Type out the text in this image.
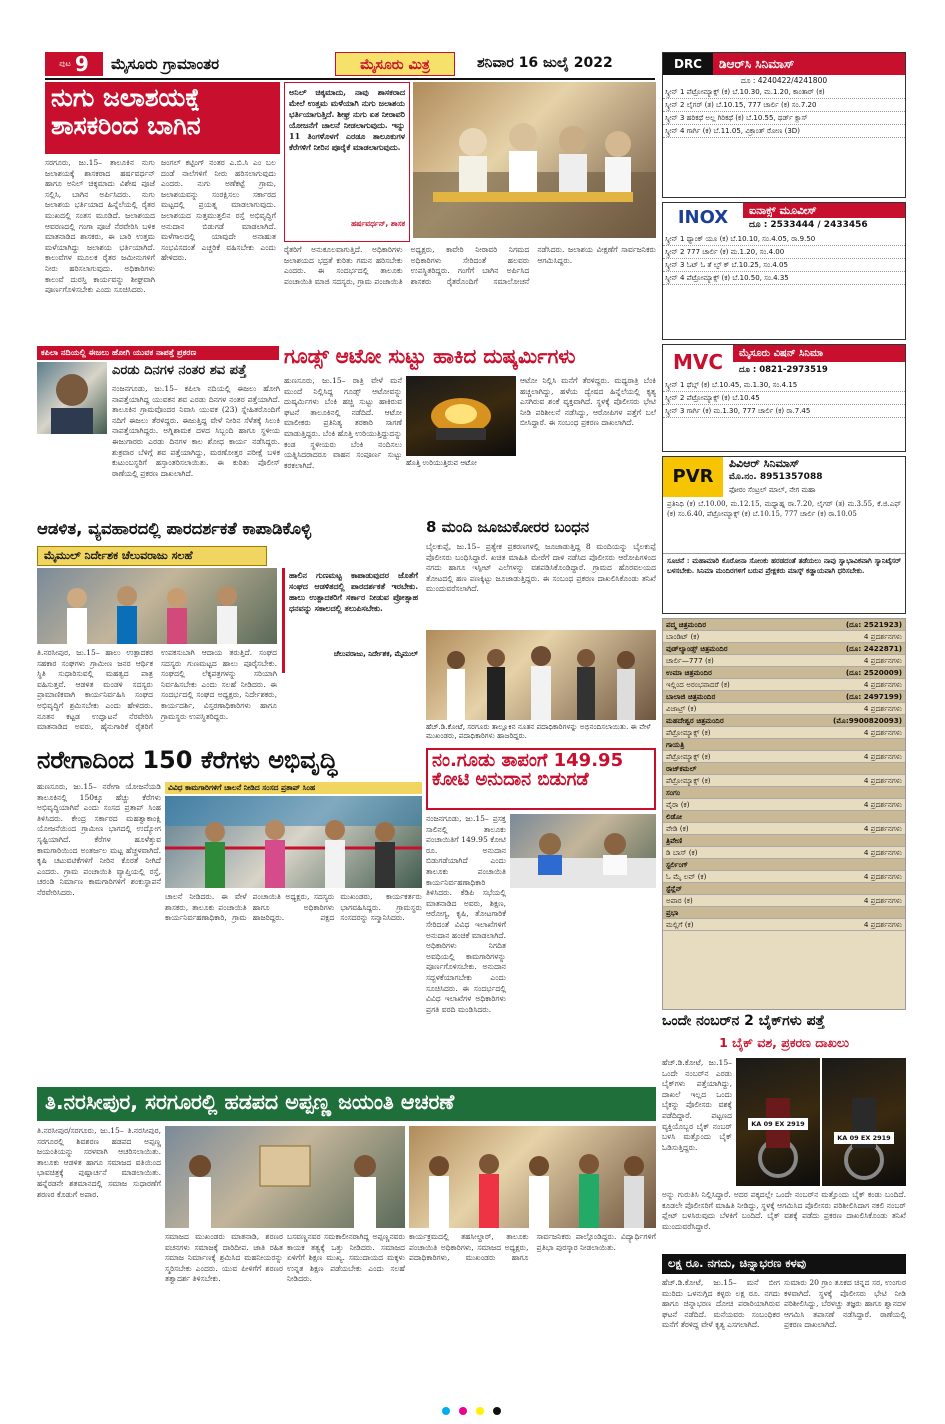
ಪುಟ 9 ಮೈಸೂರು ಗ್ರಾಮಾಂತರ	ಮೈಸೂರು ಮಿತ್ರ	ಶನಿವಾರ 16 ಜುಲೈ 2022
ನುಗು ಜಲಾಶಯಕ್ಕೆ
ಶಾಸಕರಿಂದ ಬಾಗಿನ
ಸರಗೂರು, ಜು.15– ತಾಲೂಕಿನ ನುಗು ಜಲಾಶಯಕ್ಕೆ ಶಾಸಕರಾದ ಹರ್ಷವರ್ಧನ್ ಹಾಗೂ ಅನಿಲ್ ಚಿಕ್ಕಮಾದು ವಿಶೇಷ ಪೂಜೆ ಸಲ್ಲಿಸಿ, ಬಾಗಿನ ಅರ್ಪಿಸಿದರು. ನುಗು ಜಲಾಶಯ ಭರ್ತಿಯಾದ ಹಿನ್ನೆಲೆಯಲ್ಲಿ ರೈತರ ಮುಖದಲ್ಲಿ ಸಂತಸ ಮೂಡಿದೆ. ಜಲಾಶಯದ ಆವರಣದಲ್ಲಿ ಗಂಗಾ ಪೂಜೆ ನೆರವೇರಿಸಿ ಬಳಿಕ ಮಾತನಾಡಿದ ಶಾಸಕರು, ಈ ಬಾರಿ ಉತ್ತಮ ಮಳೆಯಾಗಿದ್ದು ಜಲಾಶಯ ಭರ್ತಿಯಾಗಿದೆ. ಕಾಲುವೆಗಳ ಮೂಲಕ ರೈತರ ಜಮೀನುಗಳಿಗೆ ನೀರು ಹರಿಸಲಾಗುವುದು. ಅಧಿಕಾರಿಗಳು ಕಾಲುವೆ ದುರಸ್ತಿ ಕಾರ್ಯವನ್ನು ಶೀಘ್ರವಾಗಿ ಪೂರ್ಣಗೊಳಿಸಬೇಕು ಎಂದು ಸೂಚಿಸಿದರು.
ಜಂಗಲ್ ಕಟ್ಟಿಂಗ್ ನಂತರ ಎ.ಬಿ.ಸಿ ಎಂ ಬಲ ದಂಡೆ ನಾಲೆಗಳಿಗೆ ನೀರು ಹರಿಸಲಾಗುವುದು ಎಂದರು. ನುಗು ಅಣೆಕಟ್ಟೆ ಗ್ರಾಮ, ಜಲಾಶಯವನ್ನು ಸಂರಕ್ಷಿಸಲು ಸರ್ಕಾರದ ಮಟ್ಟದಲ್ಲಿ ಪ್ರಯತ್ನ ಮಾಡಲಾಗುವುದು. ಜಲಾಶಯದ ಸುತ್ತಮುತ್ತಲಿನ ರಸ್ತೆ ಅಭಿವೃದ್ಧಿಗೆ ಅನುದಾನ ಬಿಡುಗಡೆ ಮಾಡಲಾಗಿದೆ. ಮಳೆಗಾಲದಲ್ಲಿ ಯಾವುದೇ ಅನಾಹುತ ಸಂಭವಿಸದಂತೆ ಎಚ್ಚರಿಕೆ ವಹಿಸಬೇಕು ಎಂದು ಹೇಳಿದರು.
ಅನಿಲ್ ಚಿಕ್ಕಮಾದು, ನಾವು ಶಾಸಕರಾದ ಮೇಲೆ ಉತ್ತಮ ಮಳೆಯಾಗಿ ನುಗು ಜಲಾಶಯ ಭರ್ತಿಯಾಗುತ್ತಿದೆ. ಶೀಘ್ರ ನುಗು ಏತ ನೀರಾವರಿ ಯೋಜನೆಗೆ ಚಾಲನೆ ನೀಡಲಾಗುವುದು. ಇನ್ನು 11 ತಿಂಗಳೊಳಗೆ ಎರಡೂ ತಾಲೂಕುಗಳ ಕೆರೆಗಳಿಗೆ ನೀರಿನ ಪೂರೈಕೆ ಮಾಡಲಾಗುವುದು.
ಹರ್ಷವರ್ಧನ್, ಶಾಸಕ
ರೈತರಿಗೆ ಅನುಕೂಲವಾಗುತ್ತಿದೆ. ಅಧಿಕಾರಿಗಳು ಜಲಾಶಯದ ಭದ್ರತೆ ಕುರಿತು ಗಮನ ಹರಿಸಬೇಕು ಎಂದರು. ಈ ಸಂದರ್ಭದಲ್ಲಿ ತಾಲೂಕು ಪಂಚಾಯಿತಿ ಮಾಜಿ ಸದಸ್ಯರು, ಗ್ರಾಮ ಪಂಚಾಯಿತಿ ಅಧ್ಯಕ್ಷರು, ಕಾವೇರಿ ನೀರಾವರಿ ನಿಗಮದ ಅಧಿಕಾರಿಗಳು ಸೇರಿದಂತೆ ಹಲವರು ಉಪಸ್ಥಿತರಿದ್ದರು. ಗಂಗೆಗೆ ಬಾಗಿನ ಅರ್ಪಿಸಿದ ಶಾಸಕರು ರೈತರೊಂದಿಗೆ ಸಮಾಲೋಚನೆ ನಡೆಸಿದರು. ಜಲಾಶಯ ವೀಕ್ಷಣೆಗೆ ಸಾರ್ವಜನಿಕರು ಆಗಮಿಸಿದ್ದರು.
ಕಪಿಲಾ ನದಿಯಲ್ಲಿ ಈಜಲು ಹೋಗಿ ಯುವಕ ನಾಪತ್ತೆ ಪ್ರಕರಣ
ಎರಡು ದಿನಗಳ ನಂತರ ಶವ ಪತ್ತೆ
ನಂಜನಗೂಡು, ಜು.15– ಕಪಿಲಾ ನದಿಯಲ್ಲಿ ಈಜಲು ಹೋಗಿ ನಾಪತ್ತೆಯಾಗಿದ್ದ ಯುವಕನ ಶವ ಎರಡು ದಿನಗಳ ನಂತರ ಪತ್ತೆಯಾಗಿದೆ. ತಾಲೂಕಿನ ಗ್ರಾಮವೊಂದರ ನಿವಾಸಿ ಯುವಕ (23) ಸ್ನೇಹಿತರೊಂದಿಗೆ ನದಿಗೆ ಈಜಲು ತೆರಳಿದ್ದರು. ಈಜುತ್ತಿದ್ದ ವೇಳೆ ನೀರಿನ ಸೆಳೆತಕ್ಕೆ ಸಿಲುಕಿ ನಾಪತ್ತೆಯಾಗಿದ್ದರು. ಅಗ್ನಿಶಾಮಕ ದಳದ ಸಿಬ್ಬಂದಿ ಹಾಗೂ ಸ್ಥಳೀಯ ಈಜುಗಾರರು ಎರಡು ದಿನಗಳ ಕಾಲ ಶೋಧ ಕಾರ್ಯ ನಡೆಸಿದ್ದರು. ಶುಕ್ರವಾರ ಬೆಳಿಗ್ಗೆ ಶವ ಪತ್ತೆಯಾಗಿದ್ದು, ಮರಣೋತ್ತರ ಪರೀಕ್ಷೆ ಬಳಿಕ ಕುಟುಂಬಸ್ಥರಿಗೆ ಹಸ್ತಾಂತರಿಸಲಾಯಿತು. ಈ ಕುರಿತು ಪೊಲೀಸ್ ಠಾಣೆಯಲ್ಲಿ ಪ್ರಕರಣ ದಾಖಲಾಗಿದೆ.
ಗೂಡ್ಸ್ ಆಟೋ ಸುಟ್ಟು ಹಾಕಿದ ದುಷ್ಕರ್ಮಿಗಳು
ಹುಣಸೂರು, ಜು.15– ರಾತ್ರಿ ವೇಳೆ ಮನೆ ಮುಂದೆ ನಿಲ್ಲಿಸಿದ್ದ ಗೂಡ್ಸ್ ಆಟೋವನ್ನು ದುಷ್ಕರ್ಮಿಗಳು ಬೆಂಕಿ ಹಚ್ಚಿ ಸುಟ್ಟು ಹಾಕಿರುವ ಘಟನೆ ತಾಲೂಕಿನಲ್ಲಿ ನಡೆದಿದೆ. ಆಟೋ ಮಾಲೀಕರು ಪ್ರತಿನಿತ್ಯ ತರಕಾರಿ ಸಾಗಣೆ ಮಾಡುತ್ತಿದ್ದರು. ಬೆಂಕಿ ಹೊತ್ತಿ ಉರಿಯುತ್ತಿದ್ದುದನ್ನು ಕಂಡ ಸ್ಥಳೀಯರು ಬೆಂಕಿ ನಂದಿಸಲು ಯತ್ನಿಸಿದರಾದರೂ ವಾಹನ ಸಂಪೂರ್ಣ ಸುಟ್ಟು ಕರಕಲಾಗಿದೆ.	ಹೊತ್ತಿ ಉರಿಯುತ್ತಿರುವ ಆಟೋ
ಆಟೋ ನಿಲ್ಲಿಸಿ ಮನೆಗೆ ತೆರಳಿದ್ದರು. ಮಧ್ಯರಾತ್ರಿ ಬೆಂಕಿ ಹಚ್ಚಲಾಗಿದ್ದು, ಹಳೆಯ ದ್ವೇಷದ ಹಿನ್ನೆಲೆಯಲ್ಲಿ ಕೃತ್ಯ ಎಸಗಿರುವ ಶಂಕೆ ವ್ಯಕ್ತವಾಗಿದೆ. ಸ್ಥಳಕ್ಕೆ ಪೊಲೀಸರು ಭೇಟಿ ನೀಡಿ ಪರಿಶೀಲನೆ ನಡೆಸಿದ್ದು, ಆರೋಪಿಗಳ ಪತ್ತೆಗೆ ಬಲೆ ಬೀಸಿದ್ದಾರೆ. ಈ ಸಂಬಂಧ ಪ್ರಕರಣ ದಾಖಲಾಗಿದೆ.
ಆಡಳಿತ, ವ್ಯವಹಾರದಲ್ಲಿ ಪಾರದರ್ಶಕತೆ ಕಾಪಾಡಿಕೊಳ್ಳಿ
ಮೈಮುಲ್ ನಿರ್ದೇಶಕ ಚೆಲುವರಾಜು ಸಲಹೆ
ತಿ.ನರಸೀಪುರ, ಜು.15– ಹಾಲು ಉತ್ಪಾದಕರ ಸಹಕಾರ ಸಂಘಗಳು ಗ್ರಾಮೀಣ ಜನರ ಆರ್ಥಿಕ ಸ್ಥಿತಿ ಸುಧಾರಿಸುವಲ್ಲಿ ಮಹತ್ವದ ಪಾತ್ರ ವಹಿಸುತ್ತವೆ. ಆಡಳಿತ ಮಂಡಳಿ ಸದಸ್ಯರು ಪ್ರಾಮಾಣಿಕವಾಗಿ ಕಾರ್ಯನಿರ್ವಹಿಸಿ ಸಂಘದ ಅಭಿವೃದ್ಧಿಗೆ ಶ್ರಮಿಸಬೇಕು ಎಂದು ಹೇಳಿದರು. ನೂತನ ಕಟ್ಟಡ ಉದ್ಘಾಟನೆ ನೆರವೇರಿಸಿ ಮಾತನಾಡಿದ ಅವರು, ಹೈನುಗಾರಿಕೆ ರೈತರಿಗೆ ಉಪಕಸುಬಾಗಿ ಆದಾಯ ತರುತ್ತಿದೆ. ಸಂಘದ ಸದಸ್ಯರು ಗುಣಮಟ್ಟದ ಹಾಲು ಪೂರೈಸಬೇಕು. ಸಂಘದಲ್ಲಿ ಲೆಕ್ಕಪತ್ರಗಳನ್ನು ಸರಿಯಾಗಿ ನಿರ್ವಹಿಸಬೇಕು ಎಂದು ಸಲಹೆ ನೀಡಿದರು. ಈ ಸಂದರ್ಭದಲ್ಲಿ ಸಂಘದ ಅಧ್ಯಕ್ಷರು, ನಿರ್ದೇಶಕರು, ಕಾರ್ಯದರ್ಶಿ, ವಿಸ್ತರಣಾಧಿಕಾರಿಗಳು ಹಾಗೂ ಗ್ರಾಮಸ್ಥರು ಉಪಸ್ಥಿತರಿದ್ದರು.
ಹಾಲಿನ ಗುಣಮಟ್ಟ ಕಾಪಾಡುವುದರ ಜೊತೆಗೆ ಸಂಘದ ಆಡಳಿತದಲ್ಲಿ ಪಾರದರ್ಶಕತೆ ಇರಬೇಕು. ಹಾಲು ಉತ್ಪಾದಕರಿಗೆ ಸರ್ಕಾರ ನೀಡುವ ಪ್ರೋತ್ಸಾಹ ಧನವನ್ನು ಸಕಾಲದಲ್ಲಿ ತಲುಪಿಸಬೇಕು.
ಚೆಲುವರಾಜು, ನಿರ್ದೇಶಕ, ಮೈಮುಲ್
8 ಮಂದಿ ಜೂಜುಕೋರರ ಬಂಧನ
ಬೈಲಕುಪ್ಪೆ, ಜು.15– ಪ್ರತ್ಯೇಕ ಪ್ರಕರಣಗಳಲ್ಲಿ ಜೂಜಾಡುತ್ತಿದ್ದ 8 ಮಂದಿಯನ್ನು ಬೈಲಕುಪ್ಪೆ ಪೊಲೀಸರು ಬಂಧಿಸಿದ್ದಾರೆ. ಖಚಿತ ಮಾಹಿತಿ ಮೇರೆಗೆ ದಾಳಿ ನಡೆಸಿದ ಪೊಲೀಸರು ಆರೋಪಿಗಳಿಂದ ನಗದು ಹಾಗೂ ಇಸ್ಪೀಟ್ ಎಲೆಗಳನ್ನು ವಶಪಡಿಸಿಕೊಂಡಿದ್ದಾರೆ. ಗ್ರಾಮದ ಹೊರವಲಯದ ತೋಟದಲ್ಲಿ ಹಣ ಪಣಕ್ಕಿಟ್ಟು ಜೂಜಾಡುತ್ತಿದ್ದರು. ಈ ಸಂಬಂಧ ಪ್ರಕರಣ ದಾಖಲಿಸಿಕೊಂಡು ತನಿಖೆ ಮುಂದುವರೆಸಲಾಗಿದೆ.
ಹೆಚ್.ಡಿ.ಕೋಟೆ, ಸರಗೂರು ತಾಲ್ಲೂಕಿನ ನೂತನ ಪದಾಧಿಕಾರಿಗಳನ್ನು ಅಭಿನಂದಿಸಲಾಯಿತು. ಈ ವೇಳೆ ಮುಖಂಡರು, ಪದಾಧಿಕಾರಿಗಳು ಹಾಜರಿದ್ದರು.
ನರೇಗಾದಿಂದ 150 ಕೆರೆಗಳು ಅಭಿವೃದ್ಧಿ
ವಿವಿಧ ಕಾಮಗಾರಿಗಳಿಗೆ ಚಾಲನೆ ನೀಡಿದ ಸಂಸದ ಪ್ರತಾಪ್ ಸಿಂಹ
ಹುಣಸೂರು, ಜು.15– ನರೇಗಾ ಯೋಜನೆಯಡಿ ತಾಲೂಕಿನಲ್ಲಿ 150ಕ್ಕೂ ಹೆಚ್ಚು ಕೆರೆಗಳು ಅಭಿವೃದ್ಧಿಯಾಗಿವೆ ಎಂದು ಸಂಸದ ಪ್ರತಾಪ್ ಸಿಂಹ ತಿಳಿಸಿದರು. ಕೇಂದ್ರ ಸರ್ಕಾರದ ಮಹತ್ವಾಕಾಂಕ್ಷಿ ಯೋಜನೆಯಿಂದ ಗ್ರಾಮೀಣ ಭಾಗದಲ್ಲಿ ಉದ್ಯೋಗ ಸೃಷ್ಟಿಯಾಗಿದೆ. ಕೆರೆಗಳ ಹೂಳೆತ್ತುವ ಕಾಮಗಾರಿಯಿಂದ ಅಂತರ್ಜಲ ಮಟ್ಟ ಹೆಚ್ಚಳವಾಗಿದೆ. ಕೃಷಿ ಚಟುವಟಿಕೆಗಳಿಗೆ ನೀರಿನ ಕೊರತೆ ನೀಗಿದೆ ಎಂದರು. ಗ್ರಾಮ ಪಂಚಾಯಿತಿ ವ್ಯಾಪ್ತಿಯಲ್ಲಿ ರಸ್ತೆ, ಚರಂಡಿ ನಿರ್ಮಾಣ ಕಾಮಗಾರಿಗಳಿಗೆ ಶಂಕುಸ್ಥಾಪನೆ ನೆರವೇರಿಸಿದರು.	ಚಾಲನೆ ನೀಡಿದರು. ಈ ವೇಳೆ ಶಾಸಕರು, ತಾಲೂಕು ಪಂಚಾಯಿತಿ ಕಾರ್ಯನಿರ್ವಹಣಾಧಿಕಾರಿ, ಗ್ರಾಮ ಪಂಚಾಯಿತಿ ಅಧ್ಯಕ್ಷರು, ಸದಸ್ಯರು ಹಾಗೂ ಅಧಿಕಾರಿಗಳು ಹಾಜರಿದ್ದರು. ಪಕ್ಷದ ಮುಖಂಡರು, ಕಾರ್ಯಕರ್ತರು ಭಾಗವಹಿಸಿದ್ದರು. ಗ್ರಾಮಸ್ಥರು ಸಂಸದರನ್ನು ಸನ್ಮಾನಿಸಿದರು.
ನಂ.ಗೂಡು ತಾಪಂಗೆ 149.95
ಕೋಟಿ ಅನುದಾನ ಬಿಡುಗಡೆ
ನಂಜನಗೂಡು, ಜು.15– ಪ್ರಸಕ್ತ ಸಾಲಿನಲ್ಲಿ ತಾಲೂಕು ಪಂಚಾಯಿತಿಗೆ 149.95 ಕೋಟಿ ರೂ. ಅನುದಾನ ಬಿಡುಗಡೆಯಾಗಿದೆ ಎಂದು ತಾಲೂಕು ಪಂಚಾಯಿತಿ ಕಾರ್ಯನಿರ್ವಹಣಾಧಿಕಾರಿ ತಿಳಿಸಿದರು. ಕೆಡಿಪಿ ಸಭೆಯಲ್ಲಿ ಮಾತನಾಡಿದ ಅವರು, ಶಿಕ್ಷಣ, ಆರೋಗ್ಯ, ಕೃಷಿ, ತೋಟಗಾರಿಕೆ ಸೇರಿದಂತೆ ವಿವಿಧ ಇಲಾಖೆಗಳಿಗೆ ಅನುದಾನ ಹಂಚಿಕೆ ಮಾಡಲಾಗಿದೆ. ಅಧಿಕಾರಿಗಳು ನಿಗದಿತ ಅವಧಿಯಲ್ಲಿ ಕಾಮಗಾರಿಗಳನ್ನು ಪೂರ್ಣಗೊಳಿಸಬೇಕು. ಅನುದಾನ ಸದ್ಬಳಕೆಯಾಗಬೇಕು ಎಂದು ಸೂಚಿಸಿದರು. ಈ ಸಂದರ್ಭದಲ್ಲಿ ವಿವಿಧ ಇಲಾಖೆಗಳ ಅಧಿಕಾರಿಗಳು ಪ್ರಗತಿ ವರದಿ ಮಂಡಿಸಿದರು.
ತಿ.ನರಸೀಪುರ, ಸರಗೂರಲ್ಲಿ ಹಡಪದ ಅಪ್ಪಣ್ಣ ಜಯಂತಿ ಆಚರಣೆ
ತಿ.ನರಸೀಪುರ/ಸರಗೂರು, ಜು.15– ತಿ.ನರಸೀಪುರ, ಸರಗೂರಲ್ಲಿ ಶಿವಶರಣ ಹಡಪದ ಅಪ್ಪಣ್ಣ ಜಯಂತಿಯನ್ನು ಸರಳವಾಗಿ ಆಚರಿಸಲಾಯಿತು. ತಾಲೂಕು ಆಡಳಿತ ಹಾಗೂ ಸಮಾಜದ ವತಿಯಿಂದ ಭಾವಚಿತ್ರಕ್ಕೆ ಪುಷ್ಪಾರ್ಚನೆ ಮಾಡಲಾಯಿತು. ಹನ್ನೆರಡನೇ ಶತಮಾನದಲ್ಲಿ ಸಮಾಜ ಸುಧಾರಣೆಗೆ ಶರಣರ ಕೊಡುಗೆ ಅಪಾರ.
ಸಮಾಜದ ಮುಖಂಡರು ಮಾತನಾಡಿ, ಶರಣರ ವಚನಗಳು ಸಮಾಜಕ್ಕೆ ದಾರಿದೀಪ. ಜಾತಿ ರಹಿತ ಸಮಾಜ ನಿರ್ಮಾಣಕ್ಕೆ ಶ್ರಮಿಸಿದ ಮಹನೀಯರನ್ನು ಸ್ಮರಿಸಬೇಕು ಎಂದರು. ಯುವ ಪೀಳಿಗೆಗೆ ಶರಣರ ತತ್ವಾದರ್ಶ ತಿಳಿಸಬೇಕು.
ಬಸವಣ್ಣನವರ ಸಮಕಾಲೀನರಾಗಿದ್ದ ಅಪ್ಪಣ್ಣನವರು ಕಾಯಕ ತತ್ವಕ್ಕೆ ಒತ್ತು ನೀಡಿದರು. ಸಮಾಜದ ಏಳಿಗೆಗೆ ಶಿಕ್ಷಣ ಮುಖ್ಯ. ಸಮುದಾಯದ ಮಕ್ಕಳು ಉನ್ನತ ಶಿಕ್ಷಣ ಪಡೆಯಬೇಕು ಎಂದು ಸಲಹೆ ನೀಡಿದರು.
ಕಾರ್ಯಕ್ರಮದಲ್ಲಿ ತಹಸೀಲ್ದಾರ್, ತಾಲೂಕು ಪಂಚಾಯಿತಿ ಅಧಿಕಾರಿಗಳು, ಸಮಾಜದ ಅಧ್ಯಕ್ಷರು, ಪದಾಧಿಕಾರಿಗಳು, ಮುಖಂಡರು ಹಾಗೂ ಸಾರ್ವಜನಿಕರು ಪಾಲ್ಗೊಂಡಿದ್ದರು. ವಿದ್ಯಾರ್ಥಿಗಳಿಗೆ ಪ್ರತಿಭಾ ಪುರಸ್ಕಾರ ನೀಡಲಾಯಿತು.
DRC	ಡಿಆರ್‌ಸಿ ಸಿನಿಮಾಸ್
ದೂ : 4240422/4241800
ಸ್ಕ್ರೀನ್ 1 ಪೆಟ್ರೋಮ್ಯಾಕ್ಸ್ (ಕ) ಬೆ.10.30, ಮ.1.20, ಕಾಂತಾರ್ (ಕ)
ಸ್ಕ್ರೀನ್ 2 ಲೈಗರ್ (ತ) ಬೆ.10.15, 777 ಚಾರ್ಲಿ (ಕ) ಸಂ.7.20
ಸ್ಕ್ರೀನ್ 3 ಹರಿಕಥೆ ಅಲ್ಲ ಗಿರಿಕಥೆ (ಕ) ಬೆ.10.55, ಥರ್ಡ್ ಕ್ಲಾಸ್
ಸ್ಕ್ರೀನ್ 4 ಗಾರ್ಗಿ (ಕ) ಬೆ.11.05, ವಿಕ್ರಾಂತ್ ರೋಣ (3D)
INOX	ಐನಾಕ್ಸ್ ಮೂವೀಸ್
ದೂ : 2533444 / 2433456
ಸ್ಕ್ರೀನ್ 1 ಥ್ಯಾಂಕ್ ಯೂ (ಕ) ಬೆ.10.10, ಸಂ.4.05, ರಾ.9.50
ಸ್ಕ್ರೀನ್ 2 777 ಚಾರ್ಲಿ (ಕ) ಮ.1.20, ಸಂ.4.00
ಸ್ಕ್ರೀನ್ 3 ಓಟ್ ಓ ತೆ ಲ್ವ್ ಕ್ ಬೆ.10.25, ಸಂ.4.05
ಸ್ಕ್ರೀನ್ 4 ಪೆಟ್ರೋಮ್ಯಾಕ್ಸ್ (ಕ) ಬೆ.10.50, ಸಂ.4.35
MVC	ಮೈಸೂರು ವಿಷನ್ ಸಿನಿಮಾ
ದೂ : 0821-2973519
ಸ್ಕ್ರೀನ್ 1 ಥೆಬ್ಗ್ (ಕ) ಬೆ.10.45, ಮ.1.30, ಸಂ.4.15
ಸ್ಕ್ರೀನ್ 2 ಪೆಟ್ರೋಮ್ಯಾಕ್ಸ್ (ಕ) ಬೆ.10.45
ಸ್ಕ್ರೀನ್ 3 ಗಾರ್ಗಿ (ಕ) ಮ.1.30, 777 ಚಾರ್ಲಿ (ಕ) ರಾ.7.45
PVR
ಪಿವಿಆರ್ ಸಿನಿಮಾಸ್
ಮೊ.ನಂ. 8951357088
ಫೋರಂ ಸೆಂಟ್ರಲ್ ಮಾಲ್, ನೇಗ ಮಹಾ
ಪ್ರತಿನಿಧಿ (ಕ) ಬೆ.10.00, ಮ.12.15, ಮಧ್ಯಾಹ್ನ ರಾ.7.20, ಲೈಗರ್ (ತ) ಮ.3.55, ಕೆ.ಜಿ.ಎಫ್ (ಕ) ಸಂ.6.40, ಪೆಟ್ರೋಮ್ಯಾಕ್ಸ್ (ಕ) ಬೆ.10.15, 777 ಚಾರ್ಲಿ (ಕ) ರಾ.10.05
ಸೂಚನೆ : ಮಹಾಮಾರಿ ಕೊರೋನಾ ಸೋಂಕು ಹರಡದಂತೆ ತಡೆಯಲು ನಾವು ಸ್ವಾಭಾವಿಕವಾಗಿ ಸ್ಯಾನಿಟೈಸರ್ ಬಳಸಬೇಕು. ಸಿನಿಮಾ ಮಂದಿರಗಳಿಗೆ ಬರುವ ಪ್ರೇಕ್ಷಕರು ಮಾಸ್ಕ್ ಕಡ್ಡಾಯವಾಗಿ ಧರಿಸಬೇಕು.
ಪದ್ಮ ಚಿತ್ರಮಂದಿರ	(ದೂ: 2521923)
ಬಾಂಡಿಟ್ (ಕ)	4 ಪ್ರದರ್ಶನಗಳು
ವುಡ್‌ಲ್ಯಾಂಡ್ಸ್ ಚಿತ್ರಮಂದಿರ	(ದೂ: 2422871)
ಚಾರ್ಲಿ—777 (ಕ)	4 ಪ್ರದರ್ಶನಗಳು
ಉಮಾ ಚಿತ್ರಮಂದಿರ	(ದೂ: 2520009)
ಇಲ್ಲಿಂದ ಅರಂಭವಾದರೆ (ಕ)	4 ಪ್ರದರ್ಶನಗಳು
ಬಾಲಾಜಿ ಚಿತ್ರಮಂದಿರ	(ದೂ: 2497199)
ವಿಜಾಟ್ರ್ (ಕ)	4 ಪ್ರದರ್ಶನಗಳು
ಮಹದೇಶ್ವರ ಚಿತ್ರಮಂದಿರ	(ಮೊ:9900820093)
ಪೆಟ್ರೋಮ್ಯಾಕ್ಸ್ (ಕ)	4 ಪ್ರದರ್ಶನಗಳು
ಗಾಯತ್ರಿ
ಪೆಟ್ರೋಮ್ಯಾಕ್ಸ್ (ಕ)	4 ಪ್ರದರ್ಶನಗಳು
ರಾಜ್‌ಕಮಲ್
ಪೆಟ್ರೋಮ್ಯಾಕ್ಸ್ (ಕ)	4 ಪ್ರದರ್ಶನಗಳು
ಸಂಗಂ
ವೈರಾ (ಕ)	4 ಪ್ರದರ್ಶನಗಳು
ಲಿಡೋ
ವೇಡಿ (ಕ)	4 ಪ್ರದರ್ಶನಗಳು
ತ್ರಿವೇಣಿ
ಡಿ ಬಾಸ್ (ಕ)	4 ಪ್ರದರ್ಶನಗಳು
ಸ್ಟರ್ಲಿಂಗ್
ಓ ಮೈ ಲವ್ (ಕ)	4 ಪ್ರದರ್ಶನಗಳು
ಸ್ಟೆನ್ಲೆನ್
ಅಪಾರ (ಕ)	4 ಪ್ರದರ್ಶನಗಳು
ಪ್ರಭಾ
ಮಲ್ಲಿಗೆ (ಕ)	4 ಪ್ರದರ್ಶನಗಳು
ಒಂದೇ ನಂಬರ್‌ನ 2 ಬೈಕ್‌ಗಳು ಪತ್ತೆ
1 ಬೈಕ್ ವಶ, ಪ್ರಕರಣ ದಾಖಲು
ಹೆಚ್.ಡಿ.ಕೋಟೆ, ಜು.15– ಒಂದೇ ನಂಬರ್‌ನ ಎರಡು ಬೈಕ್‌ಗಳು ಪತ್ತೆಯಾಗಿದ್ದು, ದಾಖಲೆ ಇಲ್ಲದ ಒಂದು ಬೈಕನ್ನು ಪೊಲೀಸರು ವಶಕ್ಕೆ ಪಡೆದಿದ್ದಾರೆ. ಪಟ್ಟಣದ ವ್ಯಕ್ತಿಯೊಬ್ಬರ ಬೈಕ್ ನಂಬರ್ ಬಳಸಿ ಮತ್ತೊಂದು ಬೈಕ್ ಓಡಿಸುತ್ತಿದ್ದರು.
KA 09 EX 2919
KA 09 EX 2919
ಅನ್ನು ಗುರುತಿಸಿ ನಿಲ್ಲಿಸಿದ್ದಾರೆ. ಅದರ ಪಕ್ಕದಲ್ಲೇ ಒಂದೇ ನಂಬರ್‌ನ ಮತ್ತೊಂದು ಬೈಕ್ ಕಂಡು ಬಂದಿದೆ. ಕೂಡಲೇ ಪೊಲೀಸರಿಗೆ ಮಾಹಿತಿ ನೀಡಿದ್ದು, ಸ್ಥಳಕ್ಕೆ ಆಗಮಿಸಿದ ಪೊಲೀಸರು ಪರಿಶೀಲಿಸಿದಾಗ ನಕಲಿ ನಂಬರ್ ಪ್ಲೇಟ್ ಬಳಸಿರುವುದು ಬೆಳಕಿಗೆ ಬಂದಿದೆ. ಬೈಕ್ ವಶಕ್ಕೆ ಪಡೆದು ಪ್ರಕರಣ ದಾಖಲಿಸಿಕೊಂಡು ತನಿಖೆ ಮುಂದುವರೆಸಿದ್ದಾರೆ.
ಲಕ್ಷ ರೂ. ನಗದು, ಚಿನ್ನಾಭರಣ ಕಳವು
ಹೆಚ್.ಡಿ.ಕೋಟೆ, ಜು.15– ಮನೆ ಬೀಗ ಮುರಿದು ಒಳನುಗ್ಗಿದ ಕಳ್ಳರು ಲಕ್ಷ ರೂ. ನಗದು ಹಾಗೂ ಚಿನ್ನಾಭರಣ ದೋಚಿ ಪರಾರಿಯಾಗಿರುವ ಘಟನೆ ನಡೆದಿದೆ. ಮನೆಯವರು ಸಂಬಂಧಿಕರ ಮನೆಗೆ ತೆರಳಿದ್ದ ವೇಳೆ ಕೃತ್ಯ ಎಸಗಲಾಗಿದೆ.
ಸುಮಾರು 20 ಗ್ರಾಂ ತೂಕದ ಚಿನ್ನದ ಸರ, ಉಂಗುರ ಕಳವಾಗಿದೆ. ಸ್ಥಳಕ್ಕೆ ಪೊಲೀಸರು ಭೇಟಿ ನೀಡಿ ಪರಿಶೀಲಿಸಿದ್ದು, ಬೆರಳಚ್ಚು ತಜ್ಞರು ಹಾಗೂ ಶ್ವಾನದಳ ಆಗಮಿಸಿ ತಪಾಸಣೆ ನಡೆಸಿದ್ದಾರೆ. ಠಾಣೆಯಲ್ಲಿ ಪ್ರಕರಣ ದಾಖಲಾಗಿದೆ.
